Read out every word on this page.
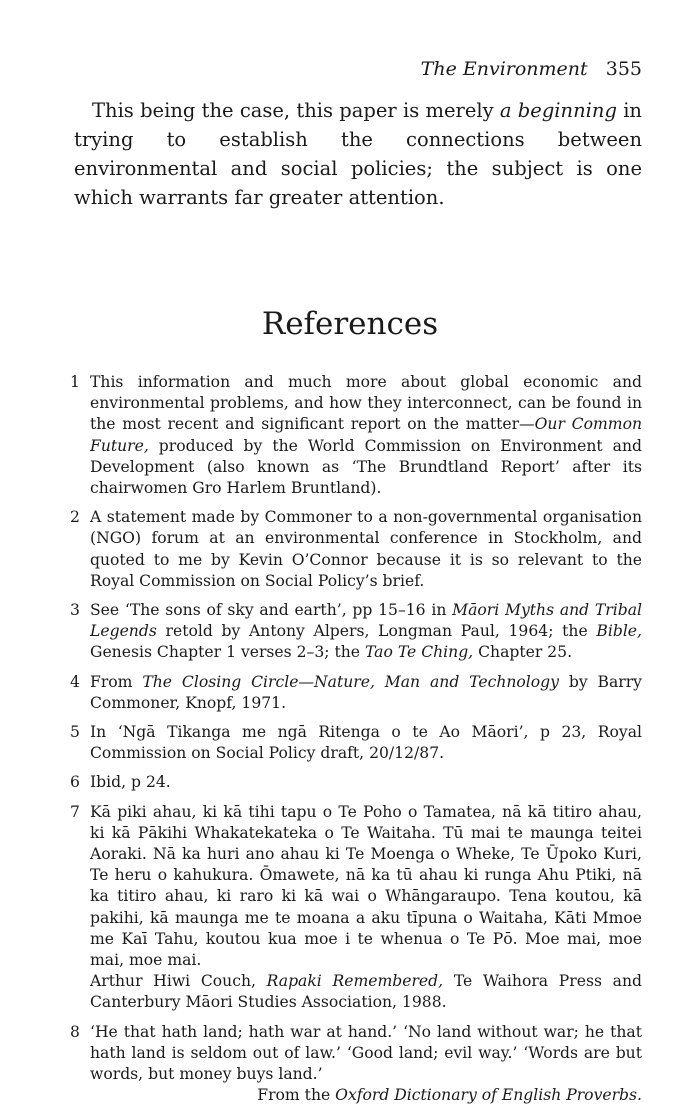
The Environment 355

This being the case, this paper is merely a beginning in trying to establish the connections between environmental and social policies; the subject is one which warrants far greater attention.

References
1 This information and much more about global economic and environmental problems, and how they interconnect, can be found in the most recent and significant report on the matter—Our Common Future, produced by the World Commission on Environment and Development (also known as ‘The Brundtland Report’ after its chairwomen Gro Harlem Bruntland).

2 A statement made by Commoner to a non-governmental organisation (NGO) forum at an environmental conference in Stockholm, and quoted to me by Kevin O’Connor because it is so relevant to the Royal Commission on Social Policy’s brief.

3 See ‘The sons of sky and earth’, pp 15–16 in Māori Myths and Tribal Legends retold by Antony Alpers, Longman Paul, 1964; the Bible, Genesis Chapter 1 verses 2–3; the Tao Te Ching, Chapter 25.

4 From The Closing Circle—Nature, Man and Technology by Barry Commoner, Knopf, 1971.

5 In ‘Ngā Tikanga me ngā Ritenga o te Ao Māori’, p 23, Royal Commission on Social Policy draft, 20/12/87.

6 Ibid, p 24.

7 Kā piki ahau, ki kā tihi tapu o Te Poho o Tamatea, nā kā titiro ahau, ki kā Pākihi Whakatekateka o Te Waitaha. Tū mai te maunga teitei Aoraki. Nā ka huri ano ahau ki Te Moenga o Wheke, Te Ūpoko Kuri, Te heru o kahukura. Ōmawete, nā ka tū ahau ki runga Ahu Ptiki, nā ka titiro ahau, ki raro ki kā wai o Whāngaraupo. Tena koutou, kā pakihi, kā maunga me te moana a aku tīpuna o Waitaha, Kāti Mmoe me Kaī Tahu, koutou kua moe i te whenua o Te Pō. Moe mai, moe mai, moe mai.

Arthur Hiwi Couch, Rapaki Remembered, Te Waihora Press and Canterbury Māori Studies Association, 1988.

8 ‘He that hath land; hath war at hand.’ ‘No land without war; he that hath land is seldom out of law.’ ‘Good land; evil way.’ ‘Words are but words, but money buys land.’

From the Oxford Dictionary of English Proverbs.
